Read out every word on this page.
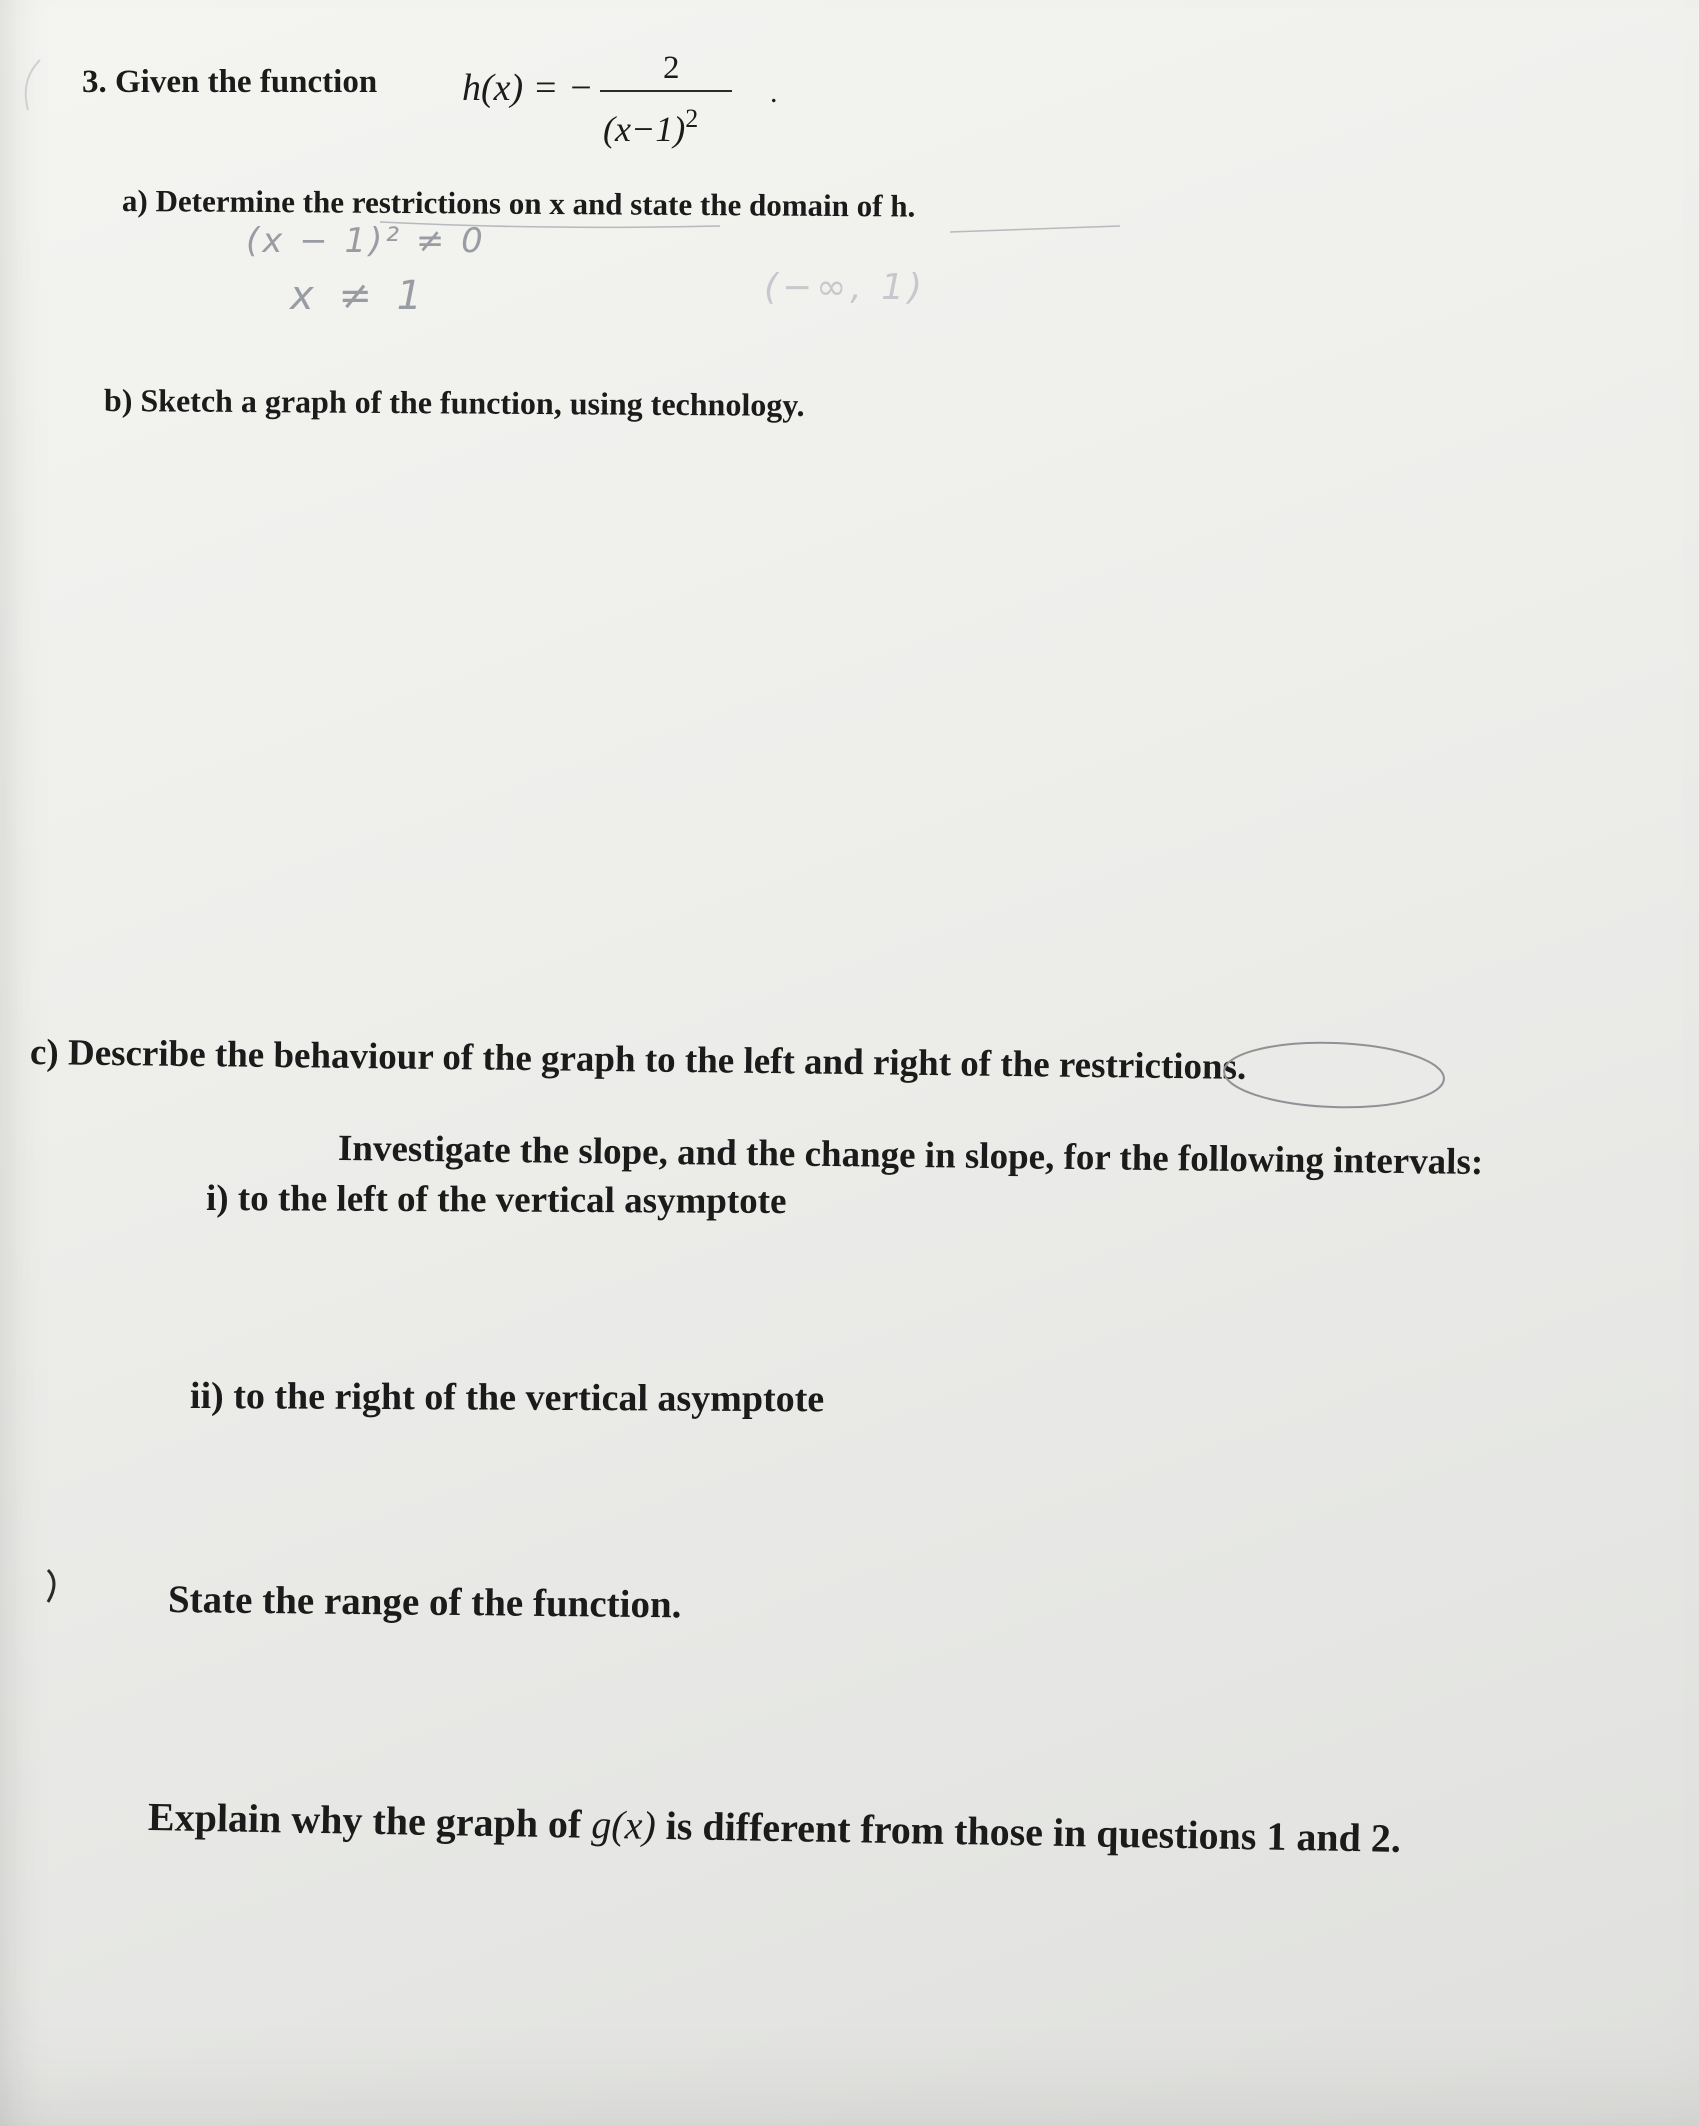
3. Given the function h(x) = − 2
$(x-1)^2$
.
a) Determine the restrictions on x and state the domain of h.
(x − 1)² ≠ 0
x ≠ 1	(−∞, 1)
b) Sketch a graph of the function, using technology.
c) Describe the behaviour of the graph to the left and right of the restrictions.
Investigate the slope, and the change in slope, for the following intervals:
i) to the left of the vertical asymptote
ii) to the right of the vertical asymptote
State the range of the function.
Explain why the graph of g(x) is different from those in questions 1 and 2.
